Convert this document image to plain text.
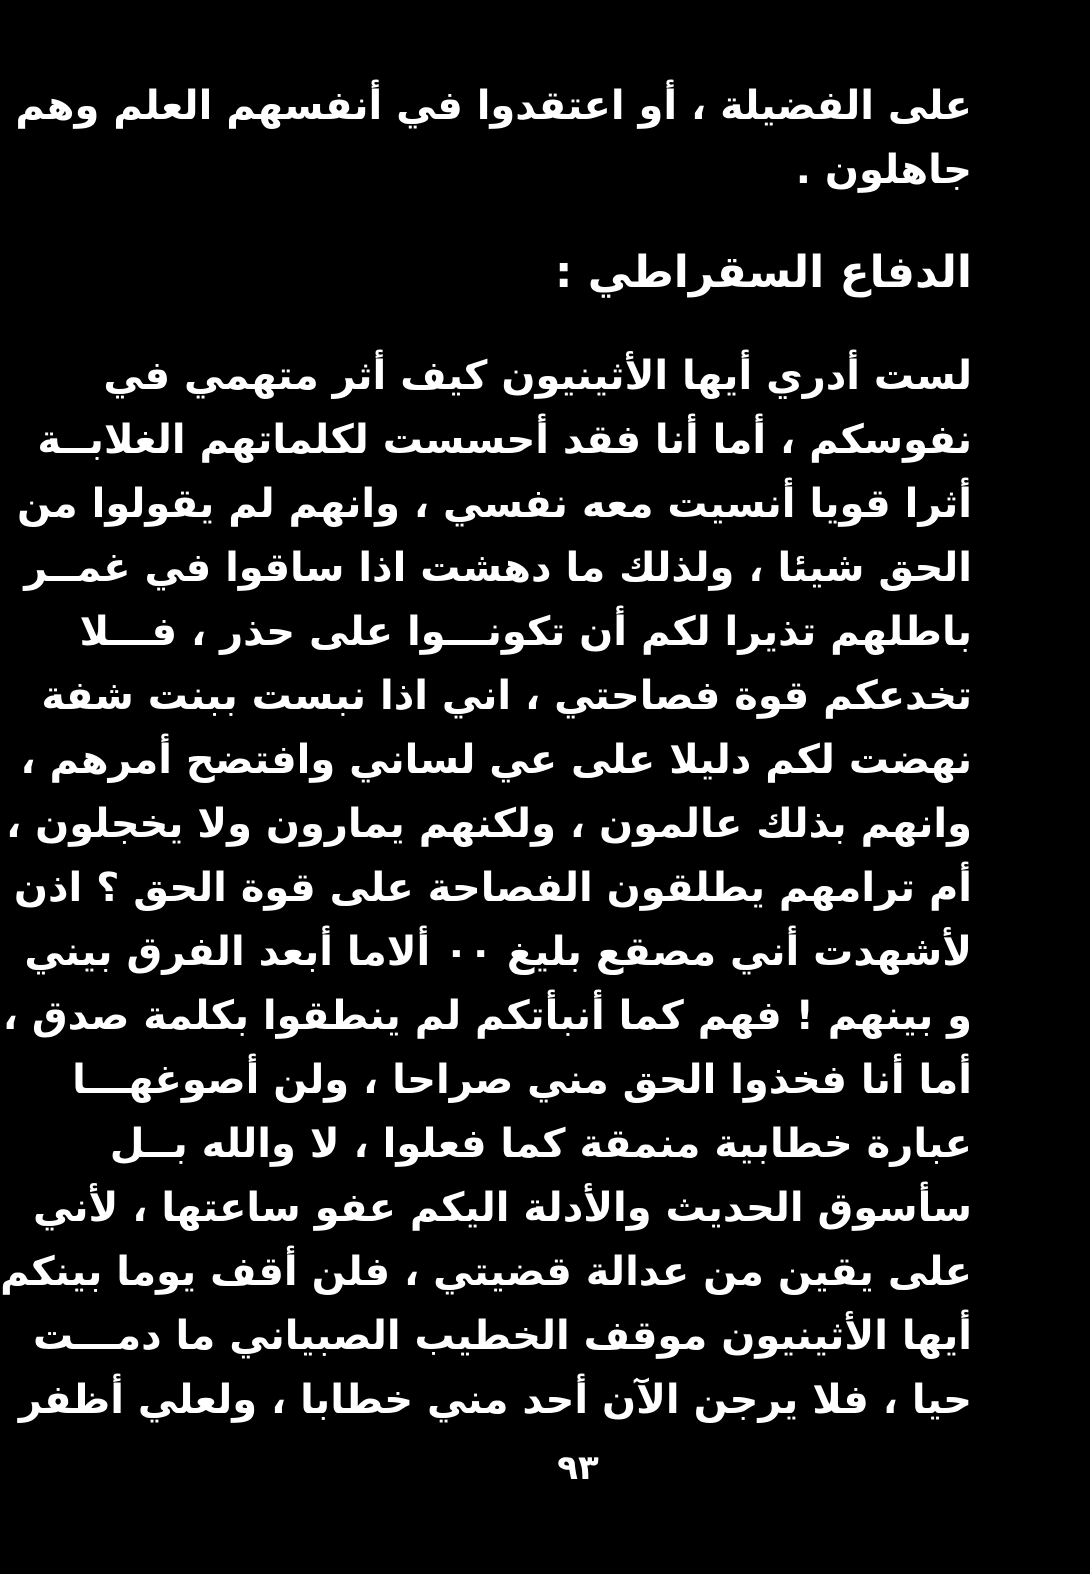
على الفضيلة ، أو اعتقدوا في أنفسهم العلم وهم
جاهلون .
الدفاع السقراطي :
لست أدري أيها الأثينيون كيف أثر متهمي في
نفوسكم ، أما أنا فقد أحسست لكلماتهم الغلابــة
أثرا قويا أنسيت معه نفسي ، وانهم لم يقولوا من
الحق شيئا ، ولذلك ما دهشت اذا ساقوا في غمــر
باطلهم تذيرا لكم أن تكونـــوا على حذر ، فـــلا
تخدعكم قوة فصاحتي ، اني اذا نبست ببنت شفة
نهضت لكم دليلا على عي لساني وافتضح أمرهم ،
وانهم بذلك عالمون ، ولكنهم يمارون ولا يخجلون ،
أم ترامهم يطلقون الفصاحة على قوة الحق ؟ اذن
لأشهدت أني مصقع بليغ ٠٠ ألاما أبعد الفرق بيني
و بينهم ! فهم كما أنبأتكم لم ينطقوا بكلمة صدق ،
أما أنا فخذوا الحق مني صراحا ، ولن أصوغهـــا
عبارة خطابية منمقة كما فعلوا ، لا والله بــل
سأسوق الحديث والأدلة اليكم عفو ساعتها ، لأني
على يقين من عدالة قضيتي ، فلن أقف يوما بينكم
أيها الأثينيون موقف الخطيب الصبياني ما دمـــت
حيا ، فلا يرجن الآن أحد مني خطابا ، ولعلي أظفر
٩٣
